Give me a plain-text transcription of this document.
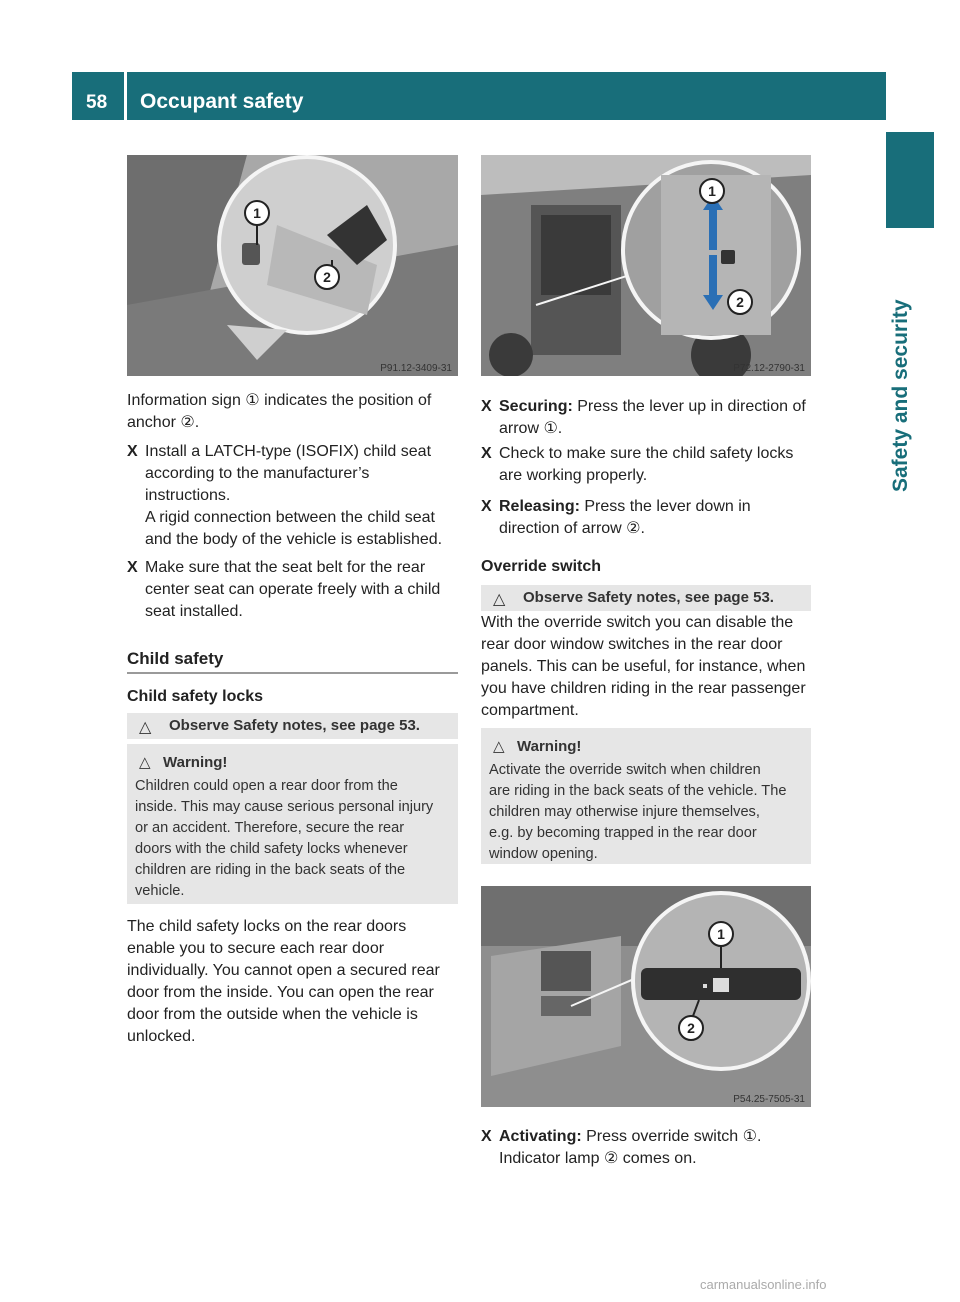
58 Occupant safety
Safety and security
1
2
P91.12-3409-31
Information sign ① indicates the position of anchor ②.
X Install a LATCH-type (ISOFIX) child seat
according to the manufacturer’s
instructions.
A rigid connection between the child seat
and the body of the vehicle is established.
X Make sure that the seat belt for the rear
center seat can operate freely with a child
seat installed.
Child safety
Child safety locks
△ Observe Safety notes, see page 53.
△ Warning!
Children could open a rear door from the
inside. This may cause serious personal injury
or an accident. Therefore, secure the rear
doors with the child safety locks whenever
children are riding in the back seats of the
vehicle.
The child safety locks on the rear doors
enable you to secure each rear door
individually. You cannot open a secured rear
door from the inside. You can open the rear
door from the outside when the vehicle is
unlocked.
1
2
P72.12-2790-31
X Securing: Press the lever up in direction of
arrow ①.
X Check to make sure the child safety locks
are working properly.
X Releasing: Press the lever down in
direction of arrow ②.
Override switch
△ Observe Safety notes, see page 53.
With the override switch you can disable the
rear door window switches in the rear door
panels. This can be useful, for instance, when
you have children riding in the rear passenger
compartment.
△ Warning!
Activate the override switch when children
are riding in the back seats of the vehicle. The
children may otherwise injure themselves,
e.g. by becoming trapped in the rear door
window opening.
1
2
P54.25-7505-31
X Activating: Press override switch ①.
Indicator lamp ② comes on.
carmanualsonline.info
